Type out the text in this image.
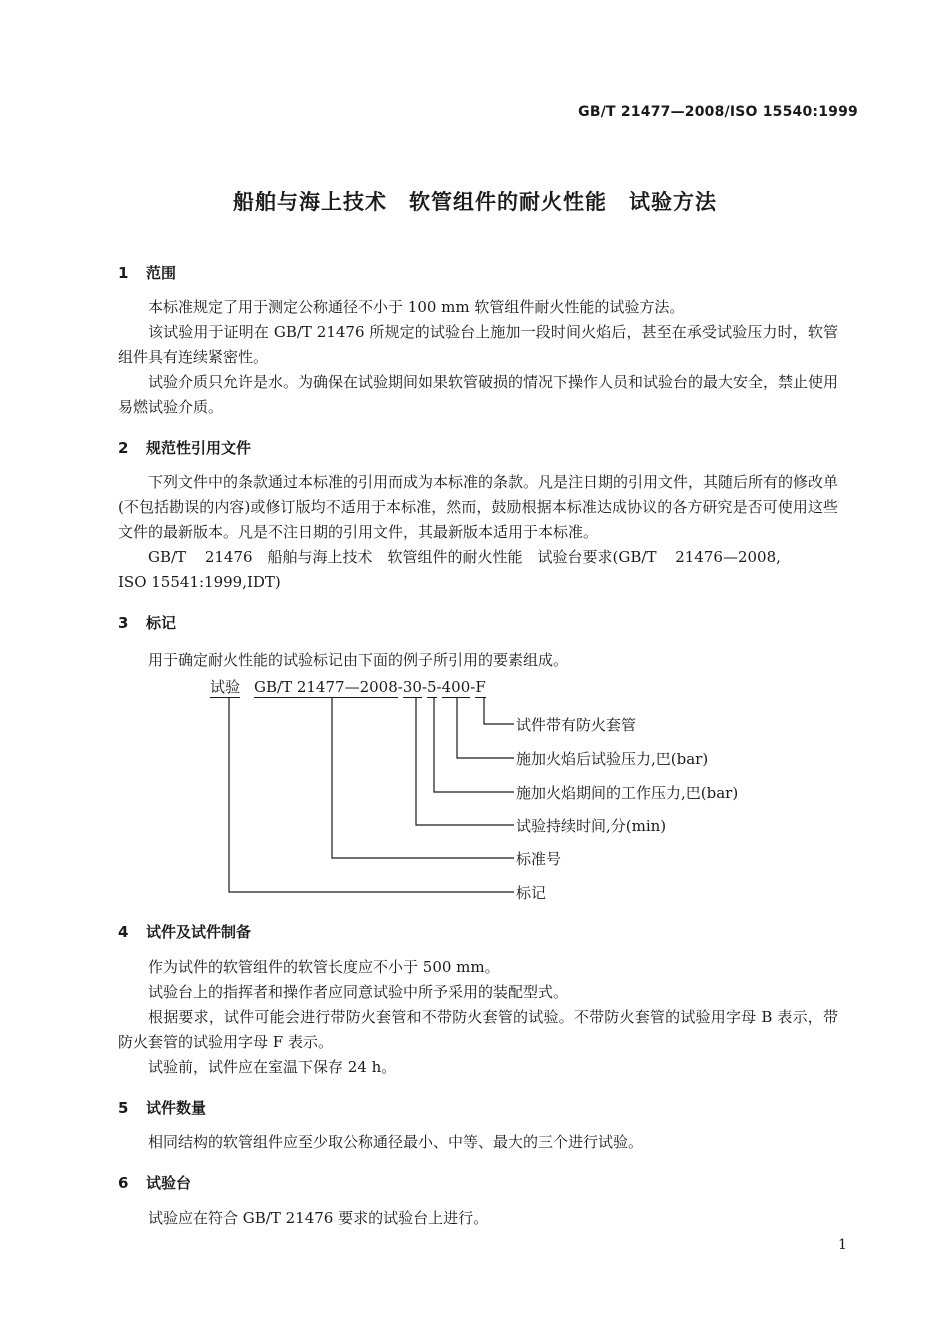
GB/T 21477—2008/ISO 15540:1999
船舶与海上技术　软管组件的耐火性能　试验方法
1 范围
本标准规定了用于测定公称通径不小于 100 mm 软管组件耐火性能的试验方法。
该试验用于证明在 GB/T 21476 所规定的试验台上施加一段时间火焰后，甚至在承受试验压力时，软管组件具有连续紧密性。
试验介质只允许是水。为确保在试验期间如果软管破损的情况下操作人员和试验台的最大安全，禁止使用易燃试验介质。
2 规范性引用文件
下列文件中的条款通过本标准的引用而成为本标准的条款。凡是注日期的引用文件，其随后所有的修改单(不包括勘误的内容)或修订版均不适用于本标准，然而，鼓励根据本标准达成协议的各方研究是否可使用这些文件的最新版本。凡是不注日期的引用文件，其最新版本适用于本标准。
GB/T 21476　船舶与海上技术　软管组件的耐火性能　试验台要求(GB/T 21476—2008,
ISO 15541:1999,IDT)
3 标记
用于确定耐火性能的试验标记由下面的例子所引用的要素组成。
试验 GB/T 21477—2008-30-5-400-F
试件带有防火套管
施加火焰后试验压力,巴(bar)
施加火焰期间的工作压力,巴(bar)
试验持续时间,分(min)
标准号
标记
4 试件及试件制备
作为试件的软管组件的软管长度应不小于 500 mm。
试验台上的指挥者和操作者应同意试验中所予采用的装配型式。
根据要求，试件可能会进行带防火套管和不带防火套管的试验。不带防火套管的试验用字母 B 表示，带防火套管的试验用字母 F 表示。
试验前，试件应在室温下保存 24 h。
5 试件数量
相同结构的软管组件应至少取公称通径最小、中等、最大的三个进行试验。
6 试验台
试验应在符合 GB/T 21476 要求的试验台上进行。
1
